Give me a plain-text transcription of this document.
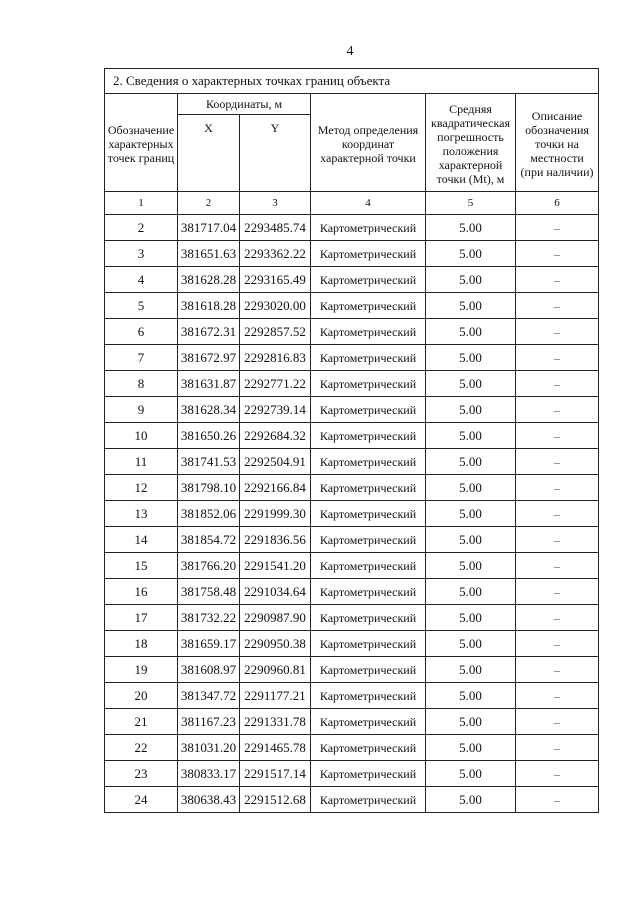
4
2. Сведения о характерных точках границ объекта					
Обозначение характерных точек границ	Координаты, м		Метод определения координат характерной точки	Средняя квадратическая погрешность положения характерной точки (Mt), м	Описание обозначения точки на местности (при наличии)
	X	Y			
1	2	3	4	5	6
2	381717.04	2293485.74	Картометрический	5.00	–
3	381651.63	2293362.22	Картометрический	5.00	–
4	381628.28	2293165.49	Картометрический	5.00	–
5	381618.28	2293020.00	Картометрический	5.00	–
6	381672.31	2292857.52	Картометрический	5.00	–
7	381672.97	2292816.83	Картометрический	5.00	–
8	381631.87	2292771.22	Картометрический	5.00	–
9	381628.34	2292739.14	Картометрический	5.00	–
10	381650.26	2292684.32	Картометрический	5.00	–
11	381741.53	2292504.91	Картометрический	5.00	–
12	381798.10	2292166.84	Картометрический	5.00	–
13	381852.06	2291999.30	Картометрический	5.00	–
14	381854.72	2291836.56	Картометрический	5.00	–
15	381766.20	2291541.20	Картометрический	5.00	–
16	381758.48	2291034.64	Картометрический	5.00	–
17	381732.22	2290987.90	Картометрический	5.00	–
18	381659.17	2290950.38	Картометрический	5.00	–
19	381608.97	2290960.81	Картометрический	5.00	–
20	381347.72	2291177.21	Картометрический	5.00	–
21	381167.23	2291331.78	Картометрический	5.00	–
22	381031.20	2291465.78	Картометрический	5.00	–
23	380833.17	2291517.14	Картометрический	5.00	–
24	380638.43	2291512.68	Картометрический	5.00	–
